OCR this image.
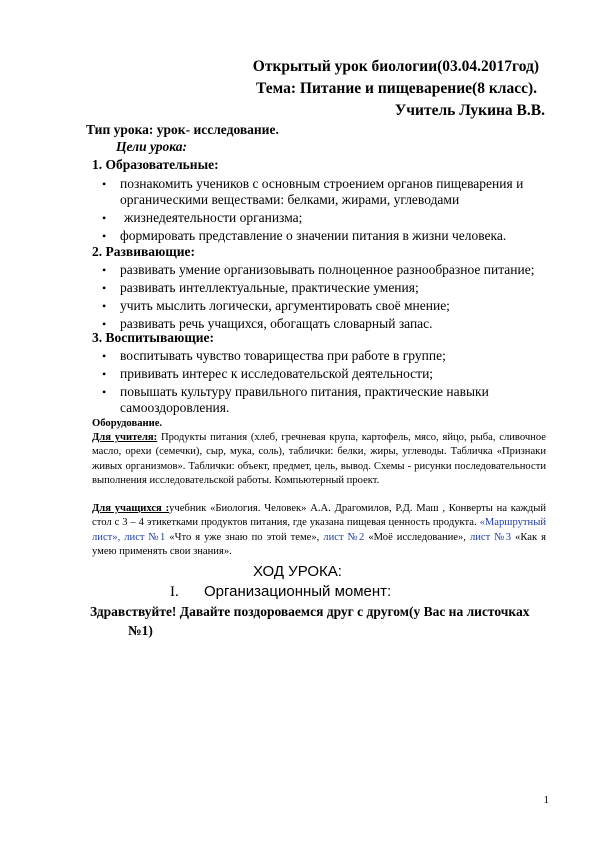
Открытый урок биологии(03.04.2017год)
Тема: Питание и пищеварение(8 класс).
Учитель Лукина В.В.
Тип урока: урок- исследование.
Цели урока:
1. Образовательные:
• познакомить учеников с основным строением органов пищеварения и органическими веществами: белками, жирами, углеводами
• жизнедеятельности организма;
• формировать представление о значении питания в жизни человека.
2. Развивающие:
• развивать умение организовывать полноценное разнообразное питание;
• развивать интеллектуальные, практические умения;
• учить мыслить логически, аргументировать своё мнение;
• развивать речь учащихся, обогащать словарный запас.
3. Воспитывающие:
• воспитывать чувство товарищества при работе в группе;
• прививать интерес к исследовательской деятельности;
• повышать культуру правильного питания, практические навыки самооздоровления.
Оборудование.
Для учителя: Продукты питания (хлеб, гречневая крупа, картофель, мясо, яйцо, рыба, сливочное масло, орехи (семечки), сыр, мука, соль), таблички: белки, жиры, углеводы. Табличка «Признаки живых организмов». Таблички: объект, предмет, цель, вывод. Схемы - рисунки последовательности выполнения исследовательской работы. Компьютерный проект.
Для учащихся :учебник «Биология. Человек» А.А. Драгомилов, Р.Д. Маш , Конверты на каждый стол с 3 – 4 этикетками продуктов питания, где указана пищевая ценность продукта. «Маршрутный лист», лист №1 «Что я уже знаю по этой теме», лист №2 «Моё исследование», лист №3 «Как я умею применять свои знания».
ХОД УРОКА:
I. Организационный момент:
Здравствуйте! Давайте поздороваемся друг с другом(у Вас на листочках
№1)
1
